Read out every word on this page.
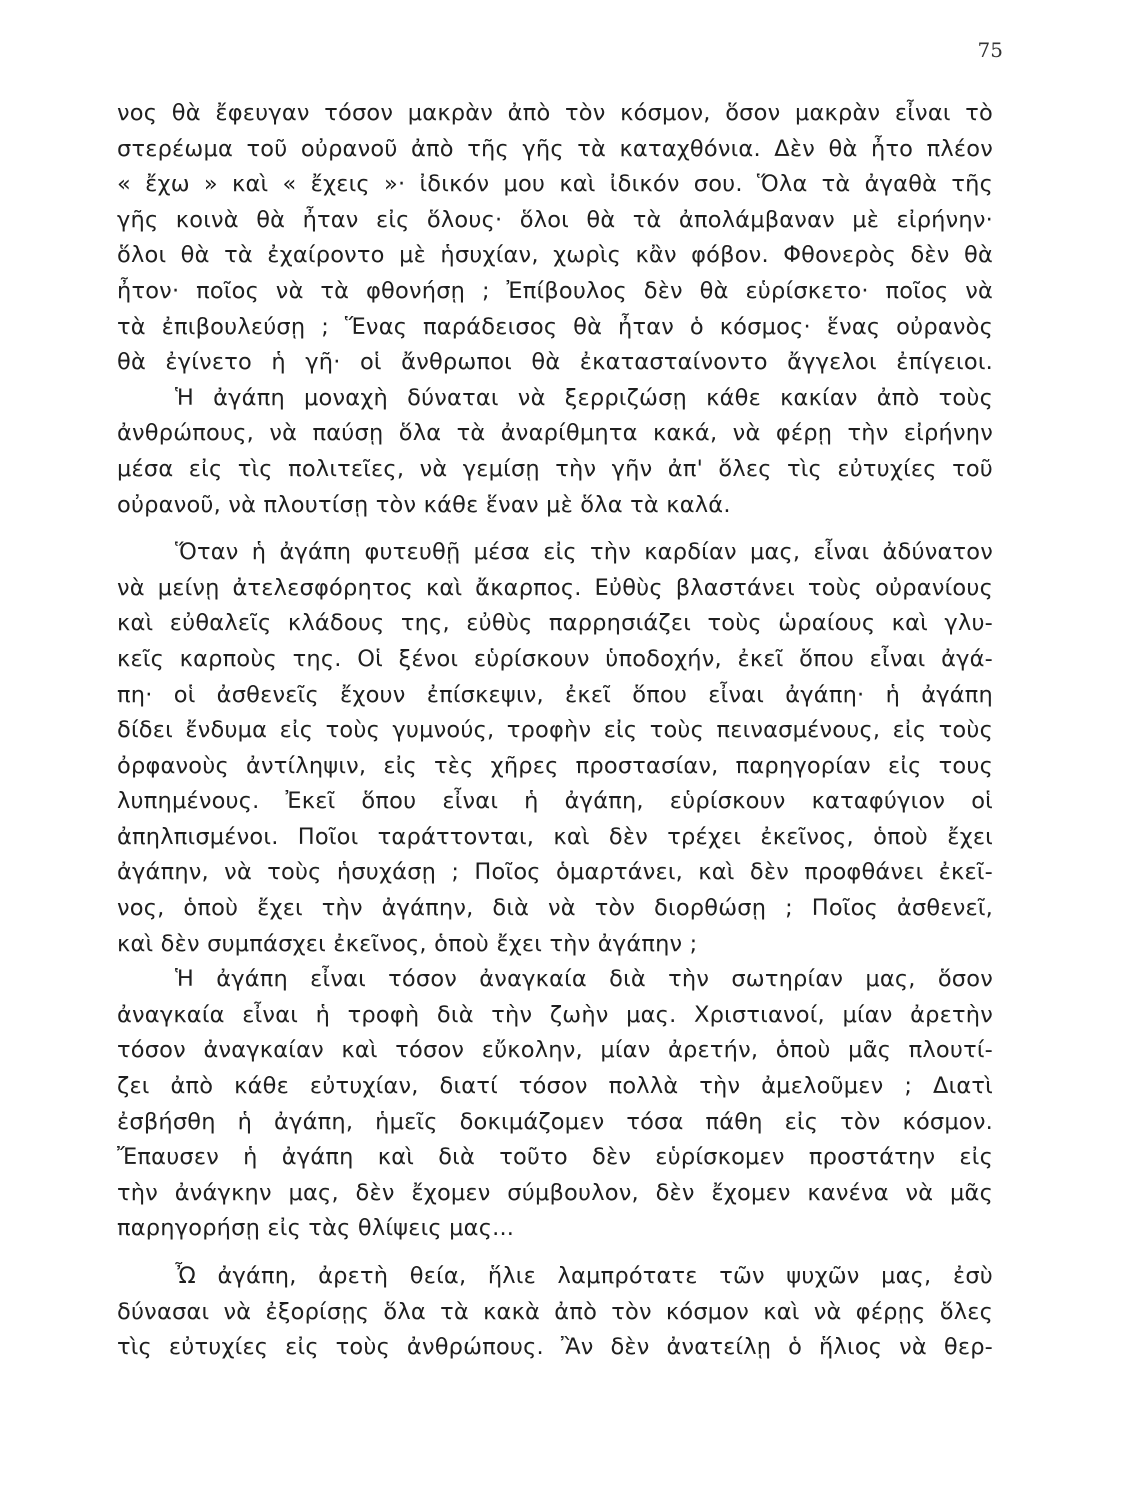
75
νος θὰ ἔφευγαν τόσον μακρὰν ἀπὸ τὸν κόσμον, ὅσον μακρὰν εἶναι τὸ
στερέωμα τοῦ οὐρανοῦ ἀπὸ τῆς γῆς τὰ καταχθόνια. Δὲν θὰ ἦτο πλέον
« ἔχω » καὶ « ἔχεις »· ἰδικόν μου καὶ ἰδικόν σου. Ὅλα τὰ ἀγαθὰ τῆς
γῆς κοινὰ θὰ ἦταν εἰς ὅλους· ὅλοι θὰ τὰ ἀπολάμβαναν μὲ εἰρήνην·
ὅλοι θὰ τὰ ἐχαίροντο μὲ ἡσυχίαν, χωρὶς κἂν φόβον. Φθονερὸς δὲν θὰ
ἦτον· ποῖος νὰ τὰ φθονήσῃ ; Ἐπίβουλος δὲν θὰ εὑρίσκετο· ποῖος νὰ
τὰ ἐπιβουλεύσῃ ; Ἕνας παράδεισος θὰ ἦταν ὁ κόσμος· ἕνας οὐρανὸς
θὰ ἐγίνετο ἡ γῆ· οἱ ἄνθρωποι θὰ ἐκατασταίνοντο ἄγγελοι ἐπίγειοι.
Ἡ ἀγάπη μοναχὴ δύναται νὰ ξερριζώσῃ κάθε κακίαν ἀπὸ τοὺς
ἀνθρώπους, νὰ παύσῃ ὅλα τὰ ἀναρίθμητα κακά, νὰ φέρῃ τὴν εἰρήνην
μέσα εἰς τὶς πολιτεῖες, νὰ γεμίσῃ τὴν γῆν ἀπ' ὅλες τὶς εὐτυχίες τοῦ
οὐρανοῦ, νὰ πλουτίσῃ τὸν κάθε ἕναν μὲ ὅλα τὰ καλά.
Ὅταν ἡ ἀγάπη φυτευθῇ μέσα εἰς τὴν καρδίαν μας, εἶναι ἀδύνατον
νὰ μείνῃ ἀτελεσφόρητος καὶ ἄκαρπος. Εὐθὺς βλαστάνει τοὺς οὐρανίους
καὶ εὐθαλεῖς κλάδους της, εὐθὺς παρρησιάζει τοὺς ὡραίους καὶ γλυ-
κεῖς καρποὺς της. Οἱ ξένοι εὑρίσκουν ὑποδοχήν, ἐκεῖ ὅπου εἶναι ἀγά-
πη· οἱ ἀσθενεῖς ἔχουν ἐπίσκεψιν, ἐκεῖ ὅπου εἶναι ἀγάπη· ἡ ἀγάπη
δίδει ἔνδυμα εἰς τοὺς γυμνούς, τροφὴν εἰς τοὺς πεινασμένους, εἰς τοὺς
ὀρφανοὺς ἀντίληψιν, εἰς τὲς χῆρες προστασίαν, παρηγορίαν εἰς τους
λυπημένους. Ἐκεῖ ὅπου εἶναι ἡ ἀγάπη, εὑρίσκουν καταφύγιον οἱ
ἀπηλπισμένοι. Ποῖοι ταράττονται, καὶ δὲν τρέχει ἐκεῖνος, ὁποὺ ἔχει
ἀγάπην, νὰ τοὺς ἡσυχάσῃ ; Ποῖος ὁμαρτάνει, καὶ δὲν προφθάνει ἐκεῖ-
νος, ὁποὺ ἔχει τὴν ἀγάπην, διὰ νὰ τὸν διορθώσῃ ; Ποῖος ἀσθενεῖ,
καὶ δὲν συμπάσχει ἐκεῖνος, ὁποὺ ἔχει τὴν ἀγάπην ;
Ἡ ἀγάπη εἶναι τόσον ἀναγκαία διὰ τὴν σωτηρίαν μας, ὅσον
ἀναγκαία εἶναι ἡ τροφὴ διὰ τὴν ζωὴν μας. Χριστιανοί, μίαν ἀρετὴν
τόσον ἀναγκαίαν καὶ τόσον εὔκολην, μίαν ἀρετήν, ὁποὺ μᾶς πλουτί-
ζει ἀπὸ κάθε εὐτυχίαν, διατί τόσον πολλὰ τὴν ἀμελοῦμεν ; Διατὶ
ἐσβήσθη ἡ ἀγάπη, ἡμεῖς δοκιμάζομεν τόσα πάθη εἰς τὸν κόσμον.
Ἔπαυσεν ἡ ἀγάπη καὶ διὰ τοῦτο δὲν εὑρίσκομεν προστάτην εἰς
τὴν ἀνάγκην μας, δὲν ἔχομεν σύμβουλον, δὲν ἔχομεν κανένα νὰ μᾶς
παρηγορήσῃ εἰς τὰς θλίψεις μας...
Ὦ ἀγάπη, ἀρετὴ θεία, ἥλιε λαμπρότατε τῶν ψυχῶν μας, ἐσὺ
δύνασαι νὰ ἐξορίσῃς ὅλα τὰ κακὰ ἀπὸ τὸν κόσμον καὶ νὰ φέρῃς ὅλες
τὶς εὐτυχίες εἰς τοὺς ἀνθρώπους. Ἂν δὲν ἀνατείλῃ ὁ ἥλιος νὰ θερ-
